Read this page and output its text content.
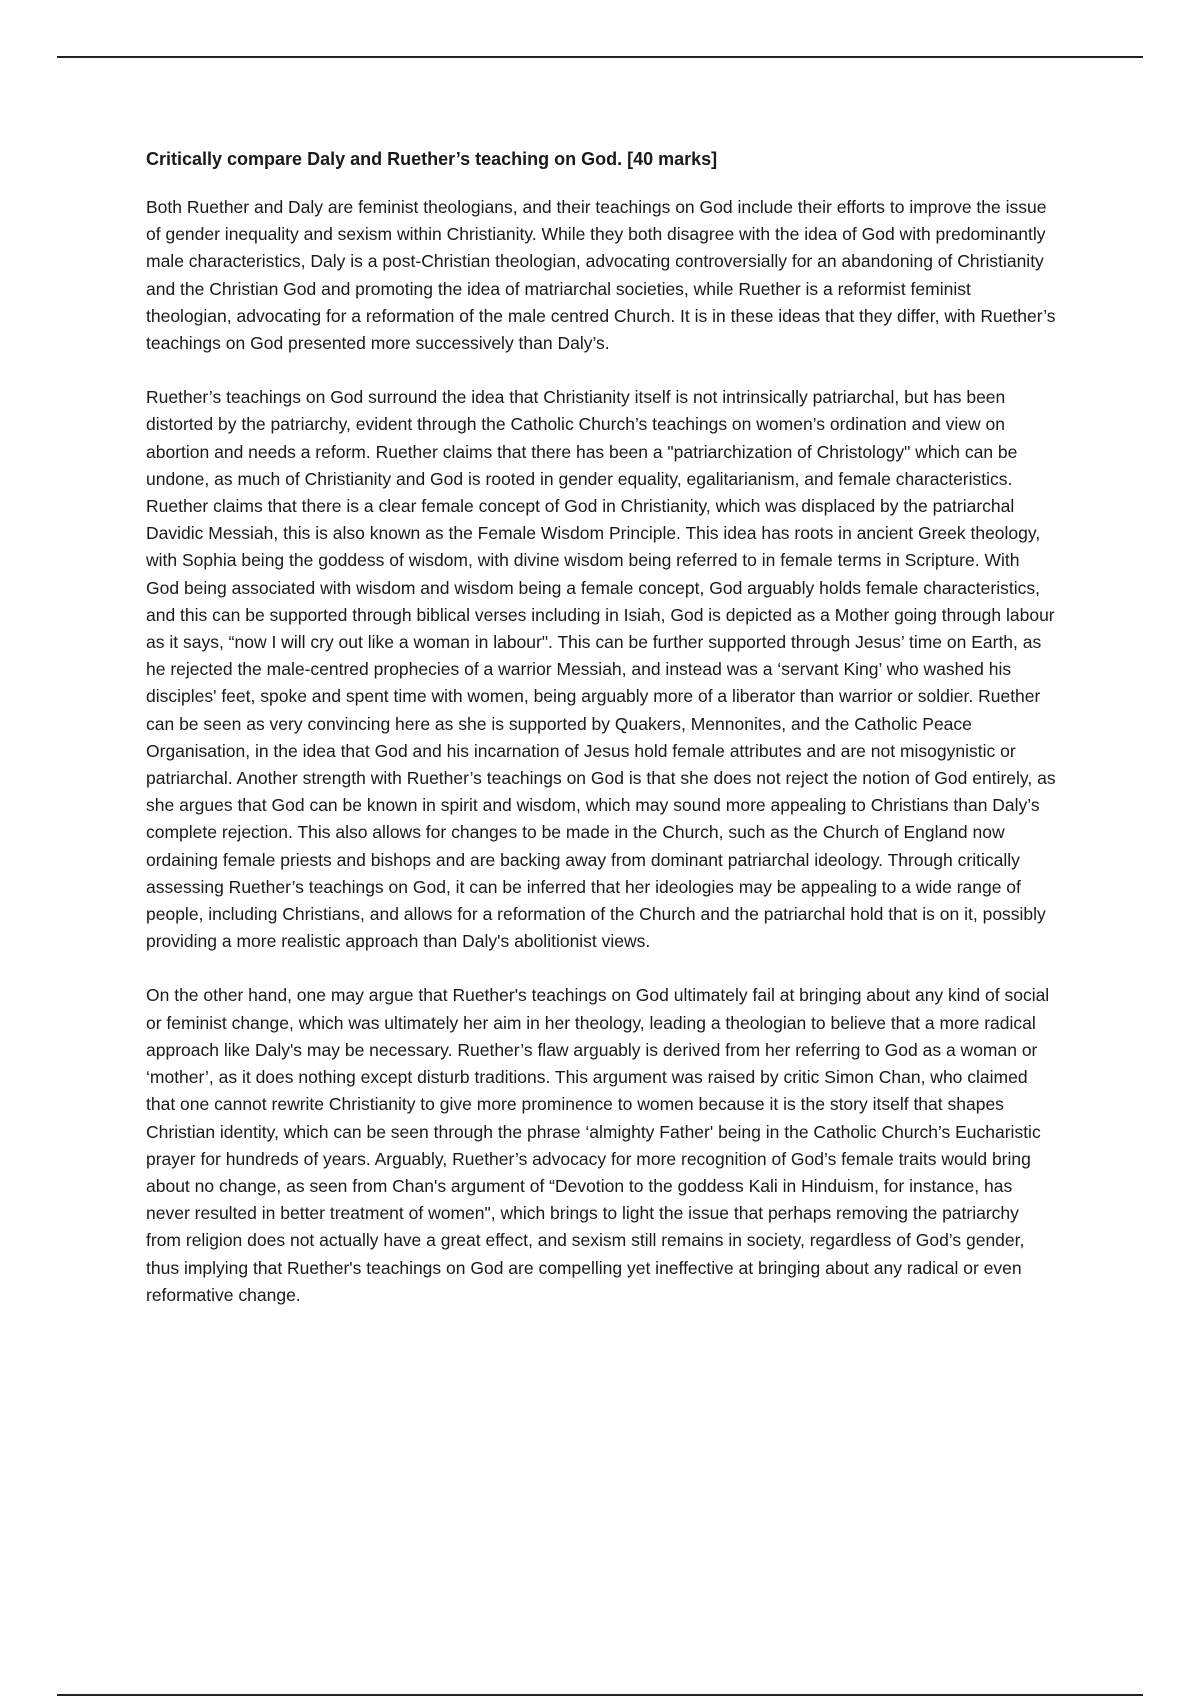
Critically compare Daly and Ruether’s teaching on God. [40 marks]

Both Ruether and Daly are feminist theologians, and their teachings on God include their efforts to improve the issue of gender inequality and sexism within Christianity. While they both disagree with the idea of God with predominantly male characteristics, Daly is a post-Christian theologian, advocating controversially for an abandoning of Christianity and the Christian God and promoting the idea of matriarchal societies, while Ruether is a reformist feminist theologian, advocating for a reformation of the male centred Church. It is in these ideas that they differ, with Ruether’s teachings on God presented more successively than Daly’s.

Ruether’s teachings on God surround the idea that Christianity itself is not intrinsically patriarchal, but has been distorted by the patriarchy, evident through the Catholic Church’s teachings on women’s ordination and view on abortion and needs a reform. Ruether claims that there has been a "patriarchization of Christology" which can be undone, as much of Christianity and God is rooted in gender equality, egalitarianism, and female characteristics. Ruether claims that there is a clear female concept of God in Christianity, which was displaced by the patriarchal Davidic Messiah, this is also known as the Female Wisdom Principle. This idea has roots in ancient Greek theology, with Sophia being the goddess of wisdom, with divine wisdom being referred to in female terms in Scripture. With God being associated with wisdom and wisdom being a female concept, God arguably holds female characteristics, and this can be supported through biblical verses including in Isiah, God is depicted as a Mother going through labour as it says, “now I will cry out like a woman in labour". This can be further supported through Jesus’ time on Earth, as he rejected the male-centred prophecies of a warrior Messiah, and instead was a ‘servant King’ who washed his disciples' feet, spoke and spent time with women, being arguably more of a liberator than warrior or soldier. Ruether can be seen as very convincing here as she is supported by Quakers, Mennonites, and the Catholic Peace Organisation, in the idea that God and his incarnation of Jesus hold female attributes and are not misogynistic or patriarchal. Another strength with Ruether’s teachings on God is that she does not reject the notion of God entirely, as she argues that God can be known in spirit and wisdom, which may sound more appealing to Christians than Daly’s complete rejection. This also allows for changes to be made in the Church, such as the Church of England now ordaining female priests and bishops and are backing away from dominant patriarchal ideology. Through critically assessing Ruether’s teachings on God, it can be inferred that her ideologies may be appealing to a wide range of people, including Christians, and allows for a reformation of the Church and the patriarchal hold that is on it, possibly providing a more realistic approach than Daly's abolitionist views.

On the other hand, one may argue that Ruether's teachings on God ultimately fail at bringing about any kind of social or feminist change, which was ultimately her aim in her theology, leading a theologian to believe that a more radical approach like Daly's may be necessary. Ruether’s flaw arguably is derived from her referring to God as a woman or ‘mother’, as it does nothing except disturb traditions. This argument was raised by critic Simon Chan, who claimed that one cannot rewrite Christianity to give more prominence to women because it is the story itself that shapes Christian identity, which can be seen through the phrase ‘almighty Father' being in the Catholic Church’s Eucharistic prayer for hundreds of years. Arguably, Ruether’s advocacy for more recognition of God’s female traits would bring about no change, as seen from Chan's argument of “Devotion to the goddess Kali in Hinduism, for instance, has never resulted in better treatment of women", which brings to light the issue that perhaps removing the patriarchy from religion does not actually have a great effect, and sexism still remains in society, regardless of God’s gender, thus implying that Ruether's teachings on God are compelling yet ineffective at bringing about any radical or even reformative change.
